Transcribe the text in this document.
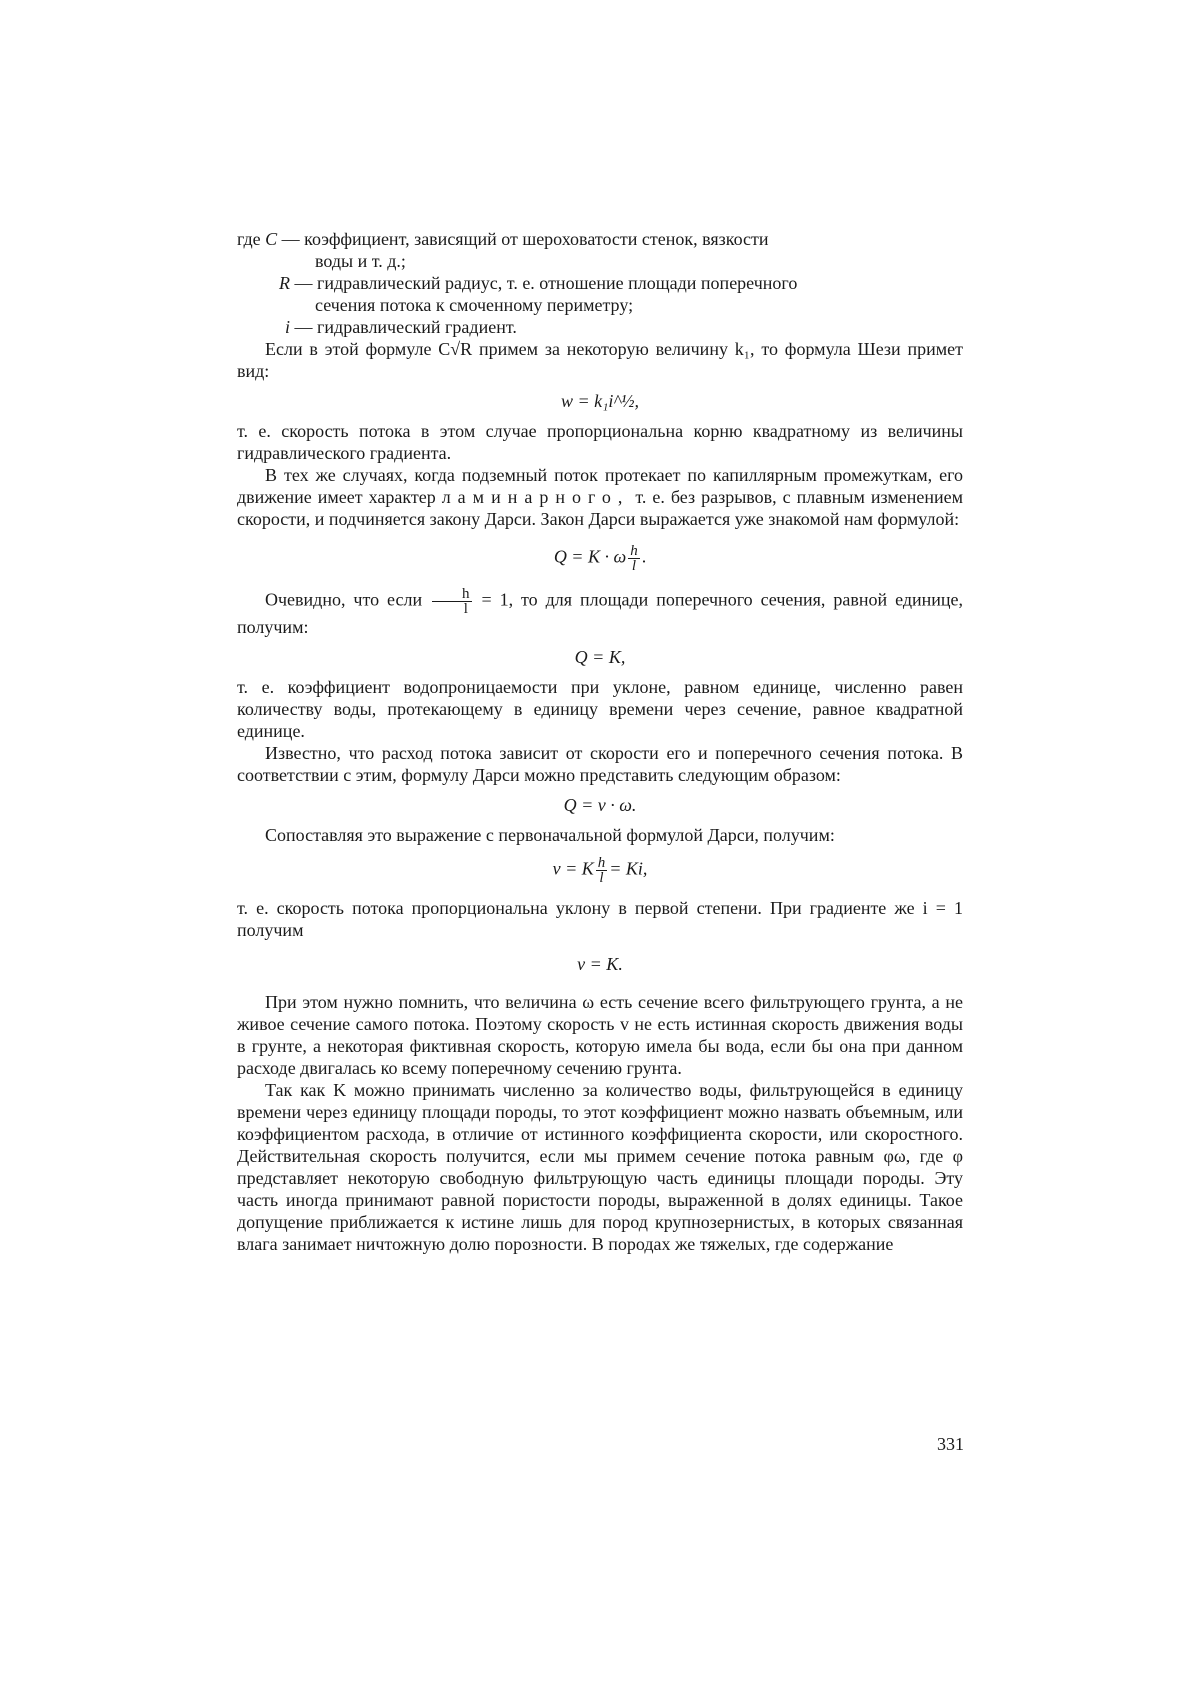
где C — коэффициент, зависящий от шероховатости стенок, вязкости
воды и т. д.;
R — гидравлический радиус, т. е. отношение площади поперечного
сечения потока к смоченному периметру;
i — гидравлический градиент.

Если в этой формуле C√R примем за некоторую величину k₁, то формула Шези примет вид:

w = k₁i^½,

т. е. скорость потока в этом случае пропорциональна корню квадратному из величины гидравлического градиента.

В тех же случаях, когда подземный поток протекает по капиллярным промежуткам, его движение имеет характер ламинарного, т. е. без разрывов, с плавным изменением скорости, и подчиняется закону Дарси. Закон Дарси выражается уже знакомой нам формулой:

Q = K · ω $\frac{h}{l}$ .

Очевидно, что если $\frac{h}{l} = 1$, то для площади поперечного сечения, равной единице, получим:

Q = K,

т. е. коэффициент водопроницаемости при уклоне, равном единице, численно равен количеству воды, протекающему в единицу времени через сечение, равное квадратной единице.

Известно, что расход потока зависит от скорости его и поперечного сечения потока. В соответствии с этим, формулу Дарси можно представить следующим образом:

Q = v · ω.

Сопоставляя это выражение с первоначальной формулой Дарси, получим:

v = K $\frac{h}{l} = Ki$,

т. е. скорость потока пропорциональна уклону в первой степени. При градиенте же i = 1 получим

v = K.

При этом нужно помнить, что величина ω есть сечение всего фильтрующего грунта, а не живое сечение самого потока. Поэтому скорость v не есть истинная скорость движения воды в грунте, а некоторая фиктивная скорость, которую имела бы вода, если бы она при данном расходе двигалась ко всему поперечному сечению грунта.

Так как K можно принимать численно за количество воды, фильтрующейся в единицу времени через единицу площади породы, то этот коэффициент можно назвать объемным, или коэффициентом расхода, в отличие от истинного коэффициента скорости, или скоростного. Действительная скорость получится, если мы примем сечение потока равным φω, где φ представляет некоторую свободную фильтрующую часть единицы площади породы. Эту часть иногда принимают равной пористости породы, выраженной в долях единицы. Такое допущение приближается к истине лишь для пород крупнозернистых, в которых связанная влага занимает ничтожную долю порозности. В породах же тяжелых, где содержание

331
